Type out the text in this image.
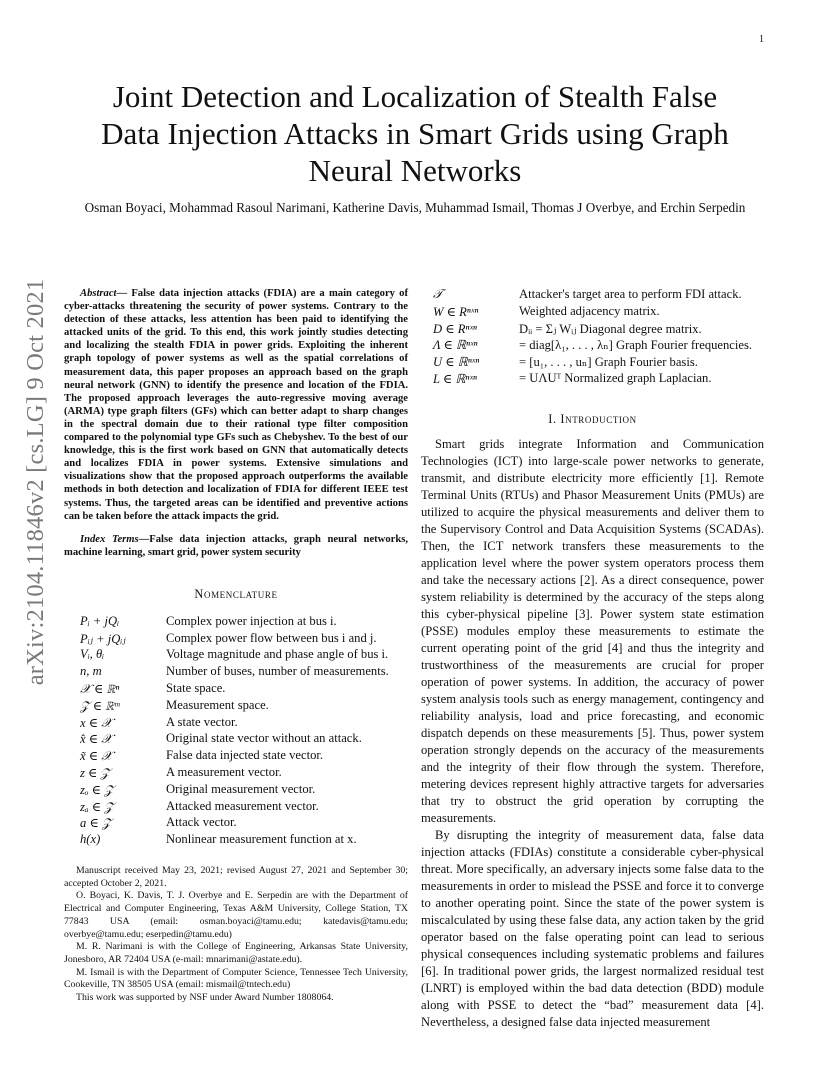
1
arXiv:2104.11846v2 [cs.LG] 9 Oct 2021
Joint Detection and Localization of Stealth False Data Injection Attacks in Smart Grids using Graph Neural Networks
Osman Boyaci, Mohammad Rasoul Narimani, Katherine Davis, Muhammad Ismail, Thomas J Overbye, and Erchin Serpedin

Abstract— False data injection attacks (FDIA) are a main category of cyber-attacks threatening the security of power systems. Contrary to the detection of these attacks, less attention has been paid to identifying the attacked units of the grid. To this end, this work jointly studies detecting and localizing the stealth FDIA in power grids. Exploiting the inherent graph topology of power systems as well as the spatial correlations of measurement data, this paper proposes an approach based on the graph neural network (GNN) to identify the presence and location of the FDIA. The proposed approach leverages the auto-regressive moving average (ARMA) type graph filters (GFs) which can better adapt to sharp changes in the spectral domain due to their rational type filter composition compared to the polynomial type GFs such as Chebyshev. To the best of our knowledge, this is the first work based on GNN that automatically detects and localizes FDIA in power systems. Extensive simulations and visualizations show that the proposed approach outperforms the available methods in both detection and localization of FDIA for different IEEE test systems. Thus, the targeted areas can be identified and preventive actions can be taken before the attack impacts the grid.

Index Terms—False data injection attacks, graph neural networks, machine learning, smart grid, power system security

Nomenclature
Pᵢ + jQᵢ	Complex power injection at bus i.
Pᵢⱼ + jQᵢⱼ	Complex power flow between bus i and j.
Vᵢ, θᵢ	Voltage magnitude and phase angle of bus i.
n, m	Number of buses, number of measurements.
𝒳 ∈ ℝⁿ	State space.
𝒵 ∈ ℝᵐ	Measurement space.
x ∈ 𝒳	A state vector.
x̂ ∈ 𝒳	Original state vector without an attack.
x̃ ∈ 𝒳	False data injected state vector.
z ∈ 𝒵	A measurement vector.
zₒ ∈ 𝒵	Original measurement vector.
zₐ ∈ 𝒵	Attacked measurement vector.
a ∈ 𝒵	Attack vector.
h(x)	Nonlinear measurement function at x.

Manuscript received May 23, 2021; revised August 27, 2021 and September 30; accepted October 2, 2021.

O. Boyaci, K. Davis, T. J. Overbye and E. Serpedin are with the Department of Electrical and Computer Engineering, Texas A&M University, College Station, TX 77843 USA (email: osman.boyaci@tamu.edu; katedavis@tamu.edu; overbye@tamu.edu; eserpedin@tamu.edu)

M. R. Narimani is with the College of Engineering, Arkansas State University, Jonesboro, AR 72404 USA (e-mail: mnarimani@astate.edu).

M. Ismail is with the Department of Computer Science, Tennessee Tech University, Cookeville, TN 38505 USA (email: mismail@tntech.edu)

This work was supported by NSF under Award Number 1808064.

𝒯	Attacker's target area to perform FDI attack.
W ∈ Rⁿˣⁿ	Weighted adjacency matrix.
D ∈ Rⁿˣⁿ	Dᵢᵢ = Σⱼ Wᵢⱼ Diagonal degree matrix.
Λ ∈ ℝⁿˣⁿ	= diag[λ₁, . . . , λₙ] Graph Fourier frequencies.
U ∈ ℝⁿˣⁿ	= [u₁, . . . , uₙ] Graph Fourier basis.
L ∈ ℝⁿˣⁿ	= UΛUᵀ Normalized graph Laplacian.
I. Introduction

Smart grids integrate Information and Communication Technologies (ICT) into large-scale power networks to generate, transmit, and distribute electricity more efficiently [1]. Remote Terminal Units (RTUs) and Phasor Measurement Units (PMUs) are utilized to acquire the physical measurements and deliver them to the Supervisory Control and Data Acquisition Systems (SCADAs). Then, the ICT network transfers these measurements to the application level where the power system operators process them and take the necessary actions [2]. As a direct consequence, power system reliability is determined by the accuracy of the steps along this cyber-physical pipeline [3]. Power system state estimation (PSSE) modules employ these measurements to estimate the current operating point of the grid [4] and thus the integrity and trustworthiness of the measurements are crucial for proper operation of power systems. In addition, the accuracy of power system analysis tools such as energy management, contingency and reliability analysis, load and price forecasting, and economic dispatch depends on these measurements [5]. Thus, power system operation strongly depends on the accuracy of the measurements and the integrity of their flow through the system. Therefore, metering devices represent highly attractive targets for adversaries that try to obstruct the grid operation by corrupting the measurements.

By disrupting the integrity of measurement data, false data injection attacks (FDIAs) constitute a considerable cyber-physical threat. More specifically, an adversary injects some false data to the measurements in order to mislead the PSSE and force it to converge to another operating point. Since the state of the power system is miscalculated by using these false data, any action taken by the grid operator based on the false operating point can lead to serious physical consequences including systematic problems and failures [6]. In traditional power grids, the largest normalized residual test (LNRT) is employed within the bad data detection (BDD) module along with PSSE to detect the “bad” measurement data [4]. Nevertheless, a designed false data injected measurement
